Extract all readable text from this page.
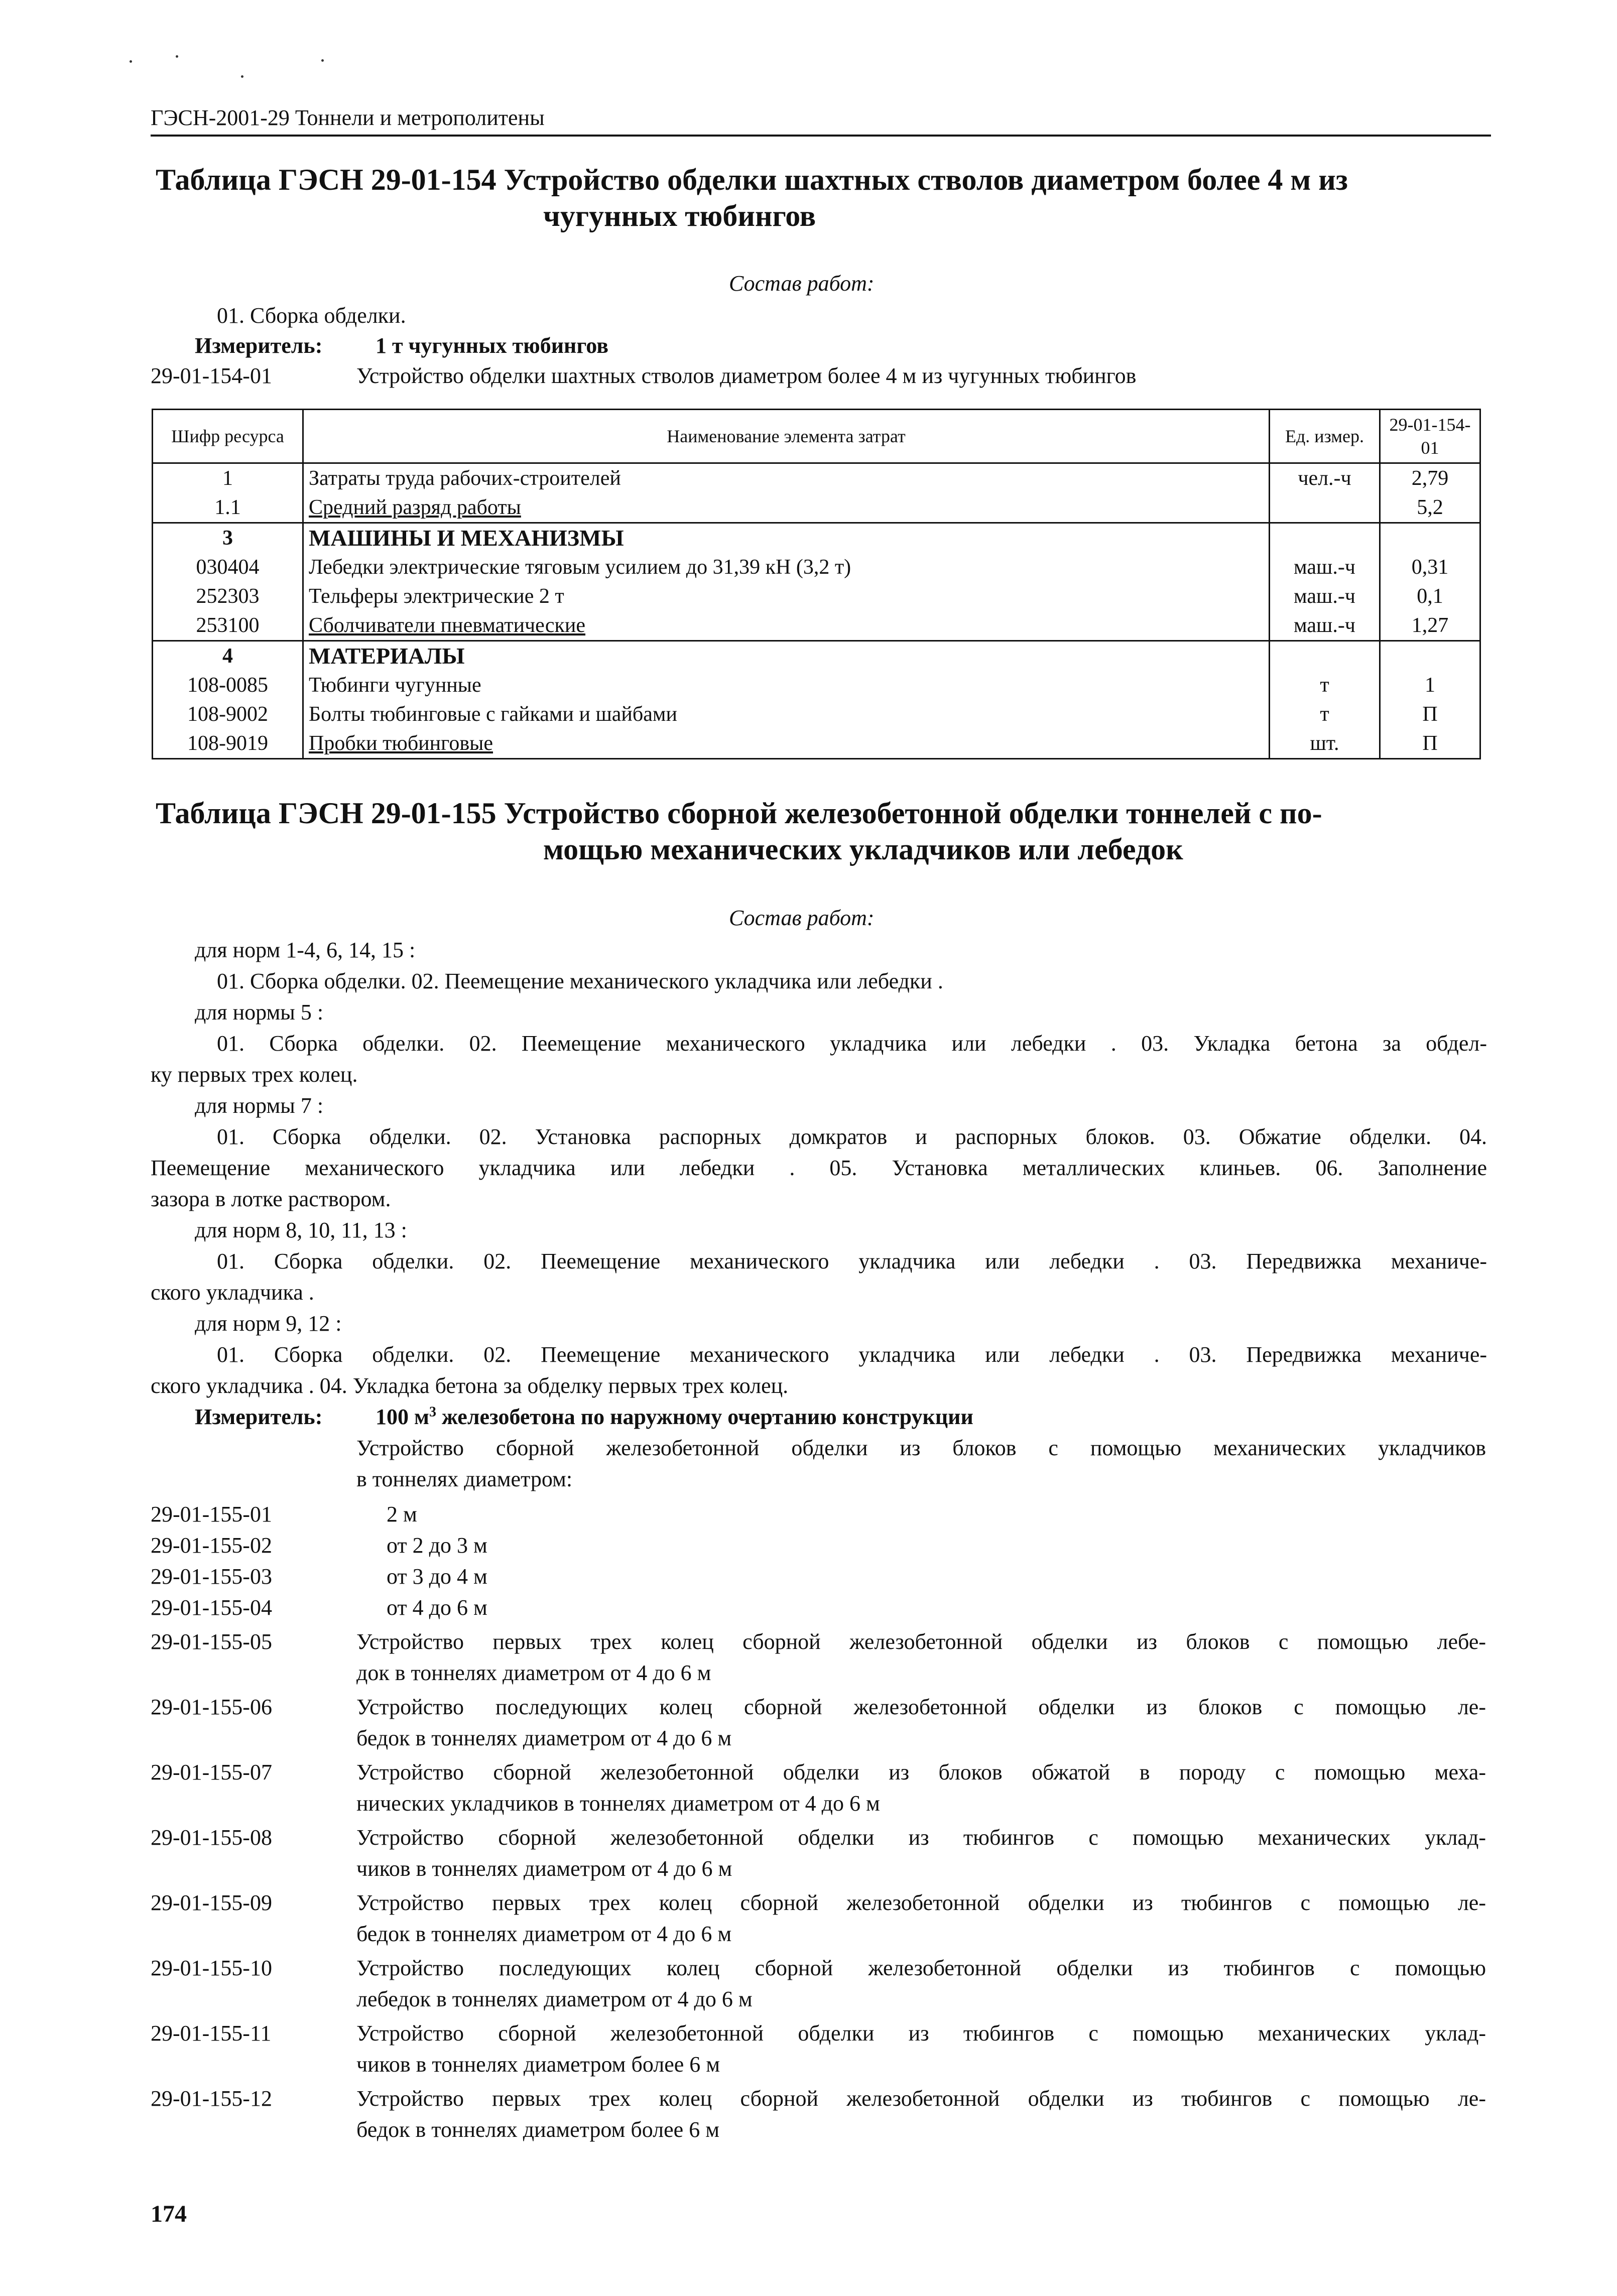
ГЭСН-2001-29 Тоннели и метрополитены
Таблица ГЭСН 29-01-154 Устройство обделки шахтных стволов диаметром более 4 м из
чугунных тюбингов
Состав работ:
01. Сборка обделки.
Измеритель: 1 т чугунных тюбингов
29-01-154-01	Устройство обделки шахтных стволов диаметром более 4 м из чугунных тюбингов
Шифр ресурса	Наименование элемента затрат	Ед. измер.	29-01-154-01
1	Затраты труда рабочих-строителей	чел.-ч	2,79
1.1	Средний разряд работы		5,2
3	МАШИНЫ И МЕХАНИЗМЫ		
030404	Лебедки электрические тяговым усилием до 31,39 кН (3,2 т)	маш.-ч	0,31
252303	Тельферы электрические 2 т	маш.-ч	0,1
253100	Сболчиватели пневматические	маш.-ч	1,27
4	МАТЕРИАЛЫ		
108-0085	Тюбинги чугунные	т	1
108-9002	Болты тюбинговые с гайками и шайбами	т	П
108-9019	Пробки тюбинговые	шт.	П
Таблица ГЭСН 29-01-155 Устройство сборной железобетонной обделки тоннелей с по-
мощью механических укладчиков или лебедок
Состав работ:
для норм 1-4, 6, 14, 15 :
01. Сборка обделки. 02. Пеемещение механического укладчика или лебедки .
для нормы 5 :
01. Сборка обделки. 02. Пеемещение механического укладчика или лебедки . 03. Укладка бетона за обдел-
ку первых трех колец.
для нормы 7 :
01. Сборка обделки. 02. Установка распорных домкратов и распорных блоков. 03. Обжатие обделки. 04.
Пеемещение механического укладчика или лебедки . 05. Установка металлических клиньев. 06. Заполнение
зазора в лотке раствором.
для норм 8, 10, 11, 13 :
01. Сборка обделки. 02. Пеемещение механического укладчика или лебедки . 03. Передвижка механиче-
ского укладчика .
для норм 9, 12 :
01. Сборка обделки. 02. Пеемещение механического укладчика или лебедки . 03. Передвижка механиче-
ского укладчика . 04. Укладка бетона за обделку первых трех колец.
Измеритель: 100 $м^3$ железобетона по наружному очертанию конструкции
Устройство сборной железобетонной обделки из блоков с помощью механических укладчиков
в тоннелях диаметром:
29-01-155-01	2 м
29-01-155-02	от 2 до 3 м
29-01-155-03	от 3 до 4 м
29-01-155-04	от 4 до 6 м
29-01-155-05	Устройство первых трех колец сборной железобетонной обделки из блоков с помощью лебе-
док в тоннелях диаметром от 4 до 6 м
29-01-155-06	Устройство последующих колец сборной железобетонной обделки из блоков с помощью ле-
бедок в тоннелях диаметром от 4 до 6 м
29-01-155-07	Устройство сборной железобетонной обделки из блоков обжатой в породу с помощью меха-
нических укладчиков в тоннелях диаметром от 4 до 6 м
29-01-155-08	Устройство сборной железобетонной обделки из тюбингов с помощью механических уклад-
чиков в тоннелях диаметром от 4 до 6 м
29-01-155-09	Устройство первых трех колец сборной железобетонной обделки из тюбингов с помощью ле-
бедок в тоннелях диаметром от 4 до 6 м
29-01-155-10	Устройство последующих колец сборной железобетонной обделки из тюбингов с помощью
лебедок в тоннелях диаметром от 4 до 6 м
29-01-155-11	Устройство сборной железобетонной обделки из тюбингов с помощью механических уклад-
чиков в тоннелях диаметром более 6 м
29-01-155-12	Устройство первых трех колец сборной железобетонной обделки из тюбингов с помощью ле-
бедок в тоннелях диаметром более 6 м
174
